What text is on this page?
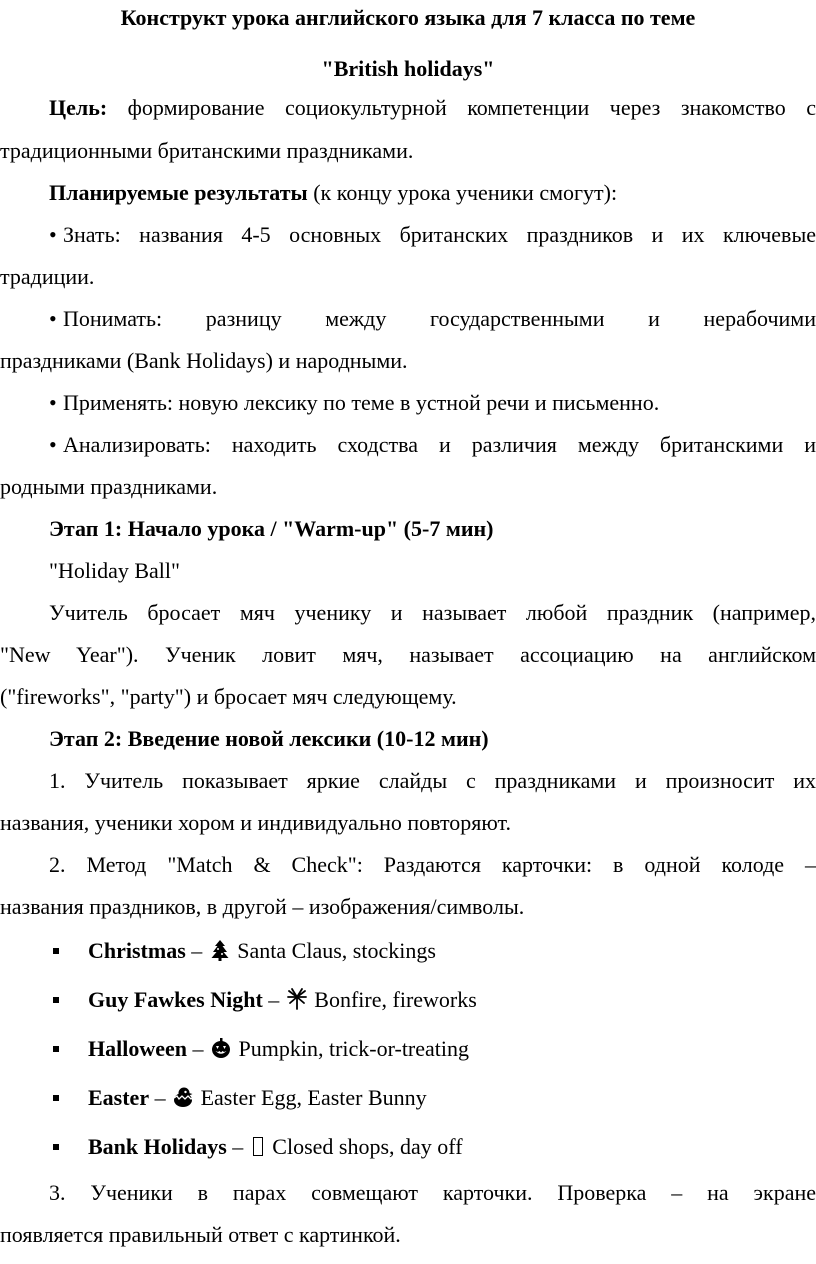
Конструкт урока английского языка для 7 класса по теме
"British holidays"
Цель: формирование социокультурной компетенции через знакомство с
традиционными британскими праздниками.
Планируемые результаты (к концу урока ученики смогут):
• Знать: названия 4-5 основных британских праздников и их ключевые
традиции.
• Понимать: разницу между государственными и нерабочими
праздниками (Bank Holidays) и народными.
• Применять: новую лексику по теме в устной речи и письменно.
• Анализировать: находить сходства и различия между британскими и
родными праздниками.
Этап 1: Начало урока / "Warm-up" (5-7 мин)
"Holiday Ball"
Учитель бросает мяч ученику и называет любой праздник (например,
"New Year"). Ученик ловит мяч, называет ассоциацию на английском
("fireworks", "party") и бросает мяч следующему.
Этап 2: Введение новой лексики (10-12 мин)
1. Учитель показывает яркие слайды с праздниками и произносит их
названия, ученики хором и индивидуально повторяют.
2. Метод "Match & Check": Раздаются карточки: в одной колоде –
названия праздников, в другой – изображения/символы.
Christmas –
Santa Claus, stockings
Guy Fawkes Night –
Bonfire, fireworks
Halloween –
Pumpkin, trick-or-treating
Easter –
Easter Egg, Easter Bunny
Bank Holidays –  Closed shops, day off
3. Ученики в парах совмещают карточки. Проверка – на экране
появляется правильный ответ с картинкой.
